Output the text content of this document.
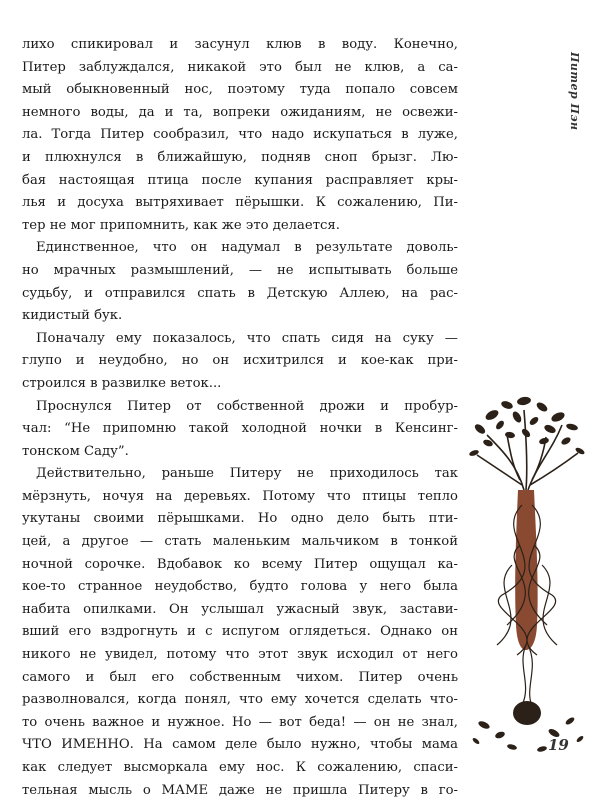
лихо спикировал и засунул клюв в воду. Конечно,
Питер заблуждался, никакой это был не клюв, а са-
мый обыкновенный нос, поэтому туда попало совсем
немного воды, да и та, вопреки ожиданиям, не освежи-
ла. Тогда Питер сообразил, что надо искупаться в луже,
и плюхнулся в ближайшую, подняв сноп брызг. Лю-
бая настоящая птица после купания расправляет кры-
лья и досуха вытряхивает пёрышки. К сожалению, Пи-
тер не мог припомнить, как же это делается.
Единственное, что он надумал в результате доволь-
но мрачных размышлений, — не испытывать больше
судьбу, и отправился спать в Детскую Аллею, на рас-
кидистый бук.
Поначалу ему показалось, что спать сидя на суку —
глупо и неудобно, но он исхитрился и кое-как при-
строился в развилке веток...
Проснулся Питер от собственной дрожи и пробур-
чал: “Не припомню такой холодной ночки в Кенсинг-
тонском Саду”.
Действительно, раньше Питеру не приходилось так
мёрзнуть, ночуя на деревьях. Потому что птицы тепло
укутаны своими пёрышками. Но одно дело быть пти-
цей, а другое — стать маленьким мальчиком в тонкой
ночной сорочке. Вдобавок ко всему Питер ощущал ка-
кое-то странное неудобство, будто голова у него была
набита опилками. Он услышал ужасный звук, застави-
вший его вздрогнуть и с испугом оглядеться. Однако он
никого не увидел, потому что этот звук исходил от него
самого и был его собственным чихом. Питер очень
разволновался, когда понял, что ему хочется сделать что-
то очень важное и нужное. Но — вот беда! — он не знал,
ЧТО ИМЕННО. На самом деле было нужно, чтобы мама
как следует высморкала ему нос. К сожалению, спаси-
тельная мысль о МАМЕ даже не пришла Питеру в го-
Питер Пэн
19
